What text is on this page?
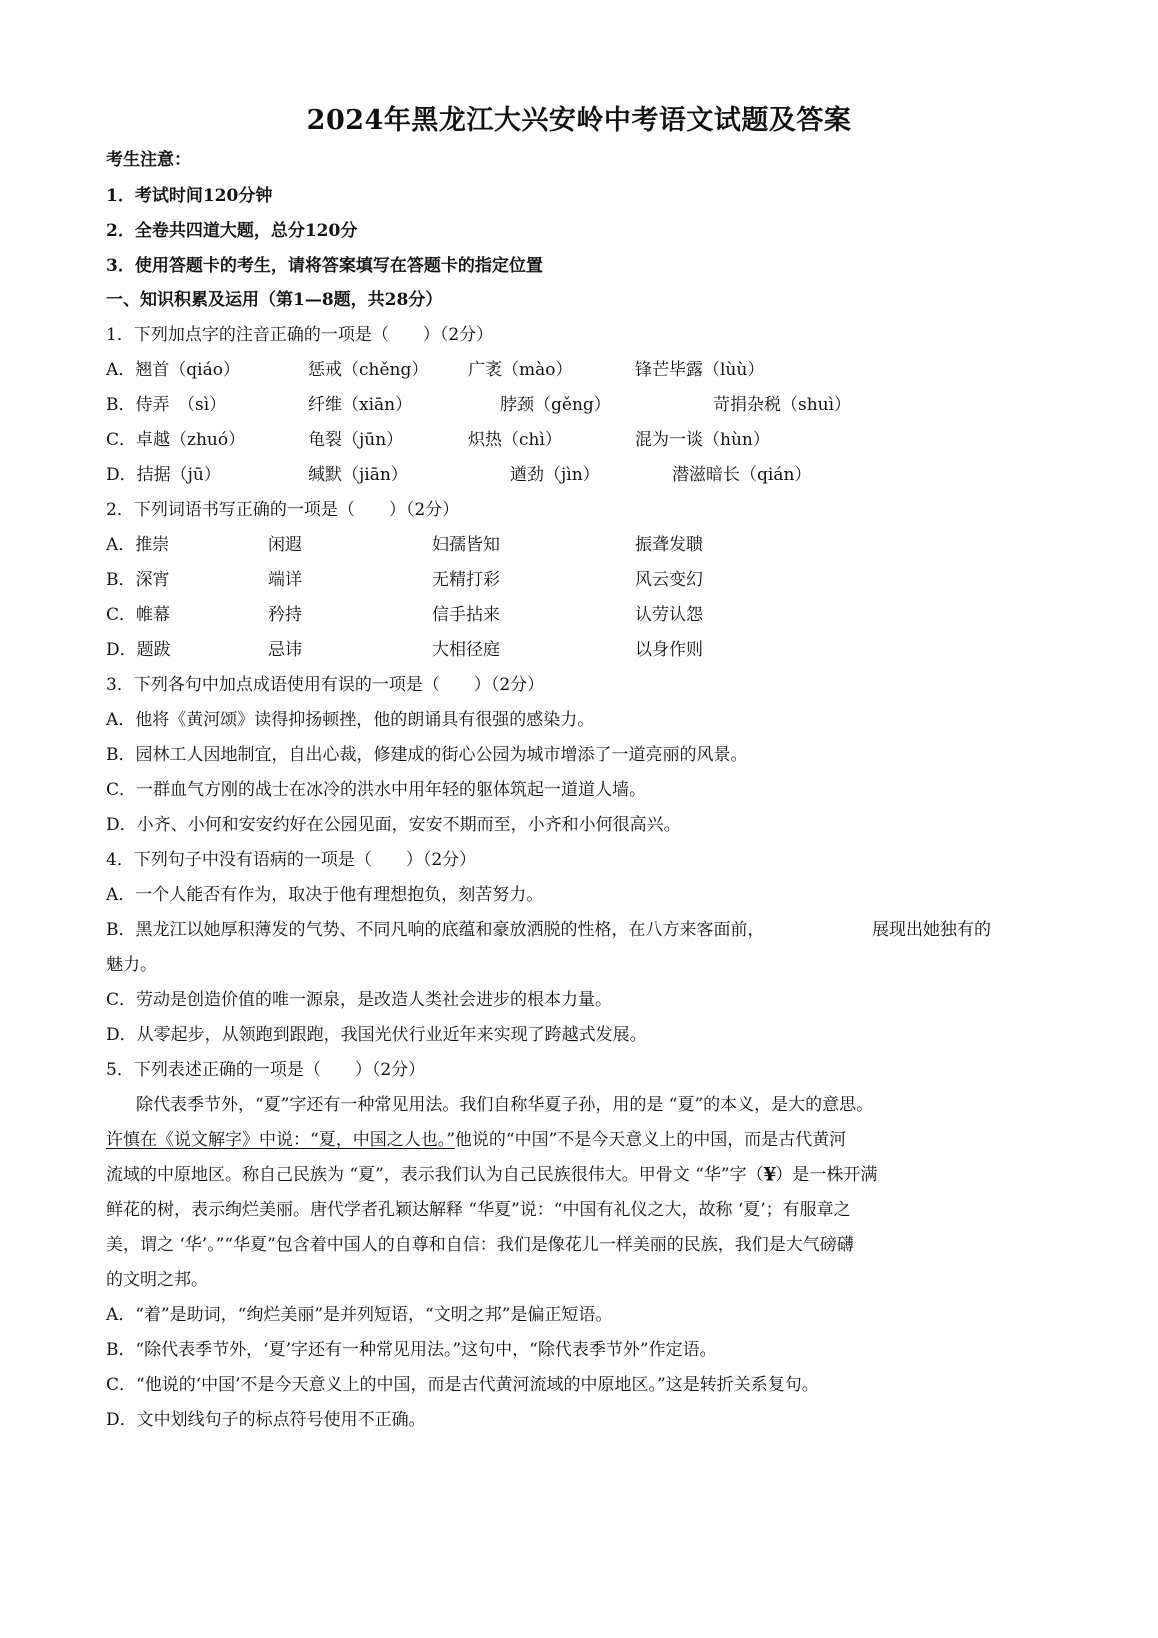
2024年黑龙江大兴安岭中考语文试题及答案
考生注意：
1．考试时间120分钟
2．全卷共四道大题，总分120分
3．使用答题卡的考生，请将答案填写在答题卡的指定位置
一、知识积累及运用（第1—8题，共28分）
1．下列加点字的注音正确的一项是（　　）（2分）
A．翘首（qiáo）	惩戒（chěng） 广袤（mào）	锋芒毕露（lùù）
B．侍弄　（sì）	纤维（xiān）	脖颈（gěng）	苛捐杂税（shuì）
C．卓越（zhuó）	龟裂（jūn）	炽热（chì）	混为一谈（hùn）
D．拮据（jū）	缄默（jiān）	遒劲（jìn）	潜滋暗长（qián）
2．下列词语书写正确的一项是（　　）（2分）
A．推崇	闲遐	妇孺皆知	振聋发聩
B．深宵	端详	无精打彩	风云变幻
C．帷幕	矜持	信手拈来	认劳认怨
D．题跋	忌讳	大相径庭	以身作则
3．下列各句中加点成语使用有误的一项是（　　）（2分）
A．他将《黄河颂》读得抑扬顿挫，他的朗诵具有很强的感染力。
B．园林工人因地制宜，自出心裁，修建成的街心公园为城市增添了一道亮丽的风景。
C．一群血气方刚的战士在冰冷的洪水中用年轻的躯体筑起一道道人墙。
D．小齐、小何和安安约好在公园见面，安安不期而至，小齐和小何很高兴。
4．下列句子中没有语病的一项是（　　）（2分）
A．一个人能否有作为，取决于他有理想抱负，刻苦努力。
B．黑龙江以她厚积薄发的气势、不同凡响的底蕴和豪放洒脱的性格，在八方来客面前，	展现出她独有的
魅力。
C．劳动是创造价值的唯一源泉，是改造人类社会进步的根本力量。
D．从零起步，从领跑到跟跑，我国光伏行业近年来实现了跨越式发展。
5．下列表述正确的一项是（　　）（2分）
除代表季节外，“夏”字还有一种常见用法。我们自称华夏子孙，用的是 “夏”的本义，是大的意思。
许慎在《说文解字》中说：“夏，中国之人也。”他说的“中国”不是今天意义上的中国，而是古代黄河
流域的中原地区。称自己民族为 “夏”，表示我们认为自己民族很伟大。甲骨文 “华”字（¥）是一株开满
鲜花的树，表示绚烂美丽。唐代学者孔颖达解释 “华夏”说：“中国有礼仪之大，故称 ‘夏’；有服章之
美，谓之 ‘华’。”“华夏”包含着中国人的自尊和自信：我们是像花儿一样美丽的民族，我们是大气磅礴
的文明之邦。
A．“着”是助词，“绚烂美丽”是并列短语，“文明之邦”是偏正短语。
B．“除代表季节外，‘夏’字还有一种常见用法。”这句中，“除代表季节外”作定语。
C．“他说的‘中国’不是今天意义上的中国，而是古代黄河流域的中原地区。”这是转折关系复句。
D．文中划线句子的标点符号使用不正确。
